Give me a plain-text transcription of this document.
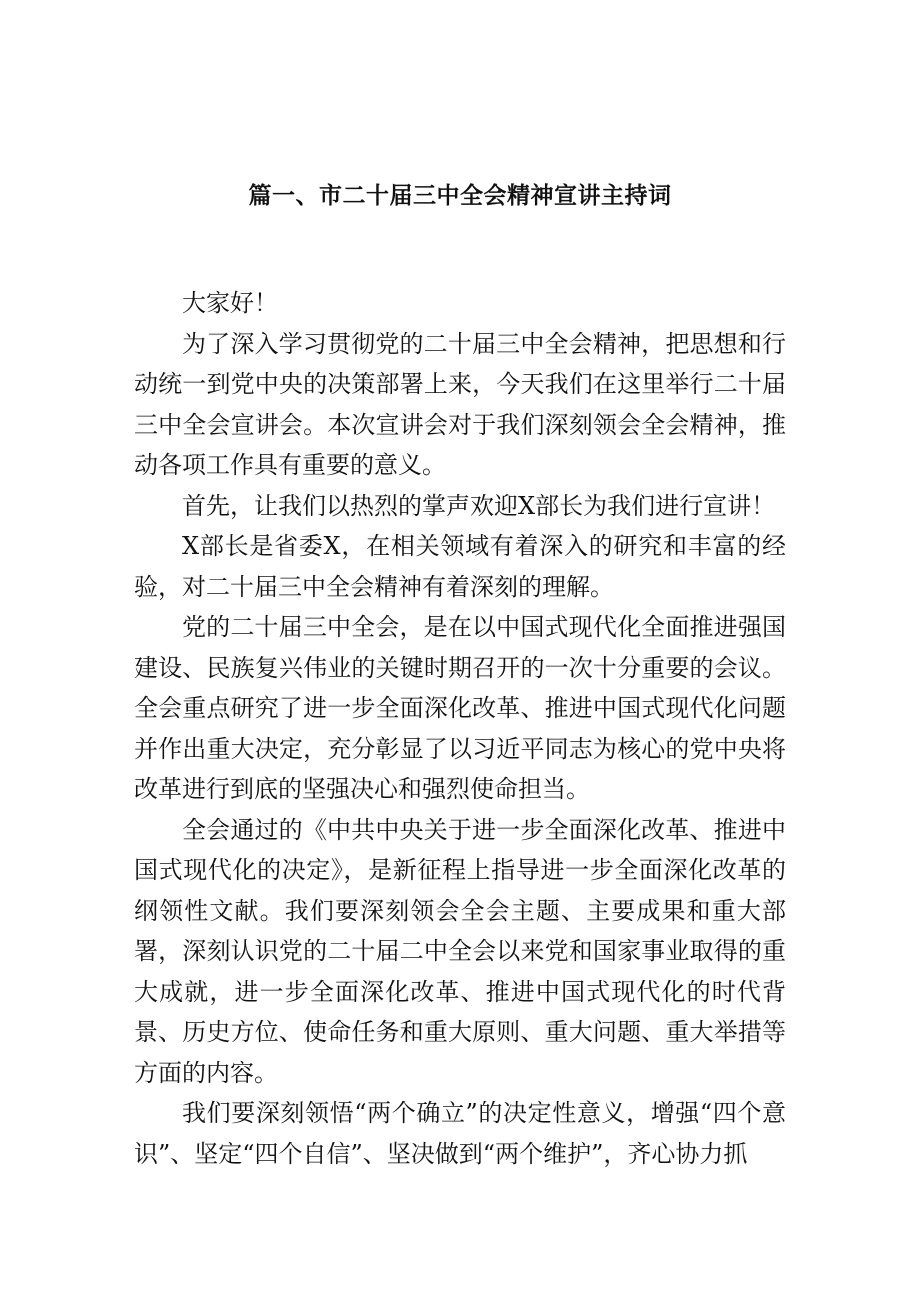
篇一、市二十届三中全会精神宣讲主持词

大家好！

为了深入学习贯彻党的二十届三中全会精神，把思想和行动统一到党中央的决策部署上来，今天我们在这里举行二十届三中全会宣讲会。本次宣讲会对于我们深刻领会全会精神，推动各项工作具有重要的意义。

首先，让我们以热烈的掌声欢迎X部长为我们进行宣讲！

X部长是省委X，在相关领域有着深入的研究和丰富的经验，对二十届三中全会精神有着深刻的理解。

党的二十届三中全会，是在以中国式现代化全面推进强国建设、民族复兴伟业的关键时期召开的一次十分重要的会议。全会重点研究了进一步全面深化改革、推进中国式现代化问题并作出重大决定，充分彰显了以习近平同志为核心的党中央将改革进行到底的坚强决心和强烈使命担当。

全会通过的《中共中央关于进一步全面深化改革、推进中国式现代化的决定》，是新征程上指导进一步全面深化改革的纲领性文献。我们要深刻领会全会主题、主要成果和重大部署，深刻认识党的二十届二中全会以来党和国家事业取得的重大成就，进一步全面深化改革、推进中国式现代化的时代背景、历史方位、使命任务和重大原则、重大问题、重大举措等方面的内容。

我们要深刻领悟“两个确立”的决定性意义，增强“四个意识”、坚定“四个自信”、坚决做到“两个维护”，齐心协力抓
